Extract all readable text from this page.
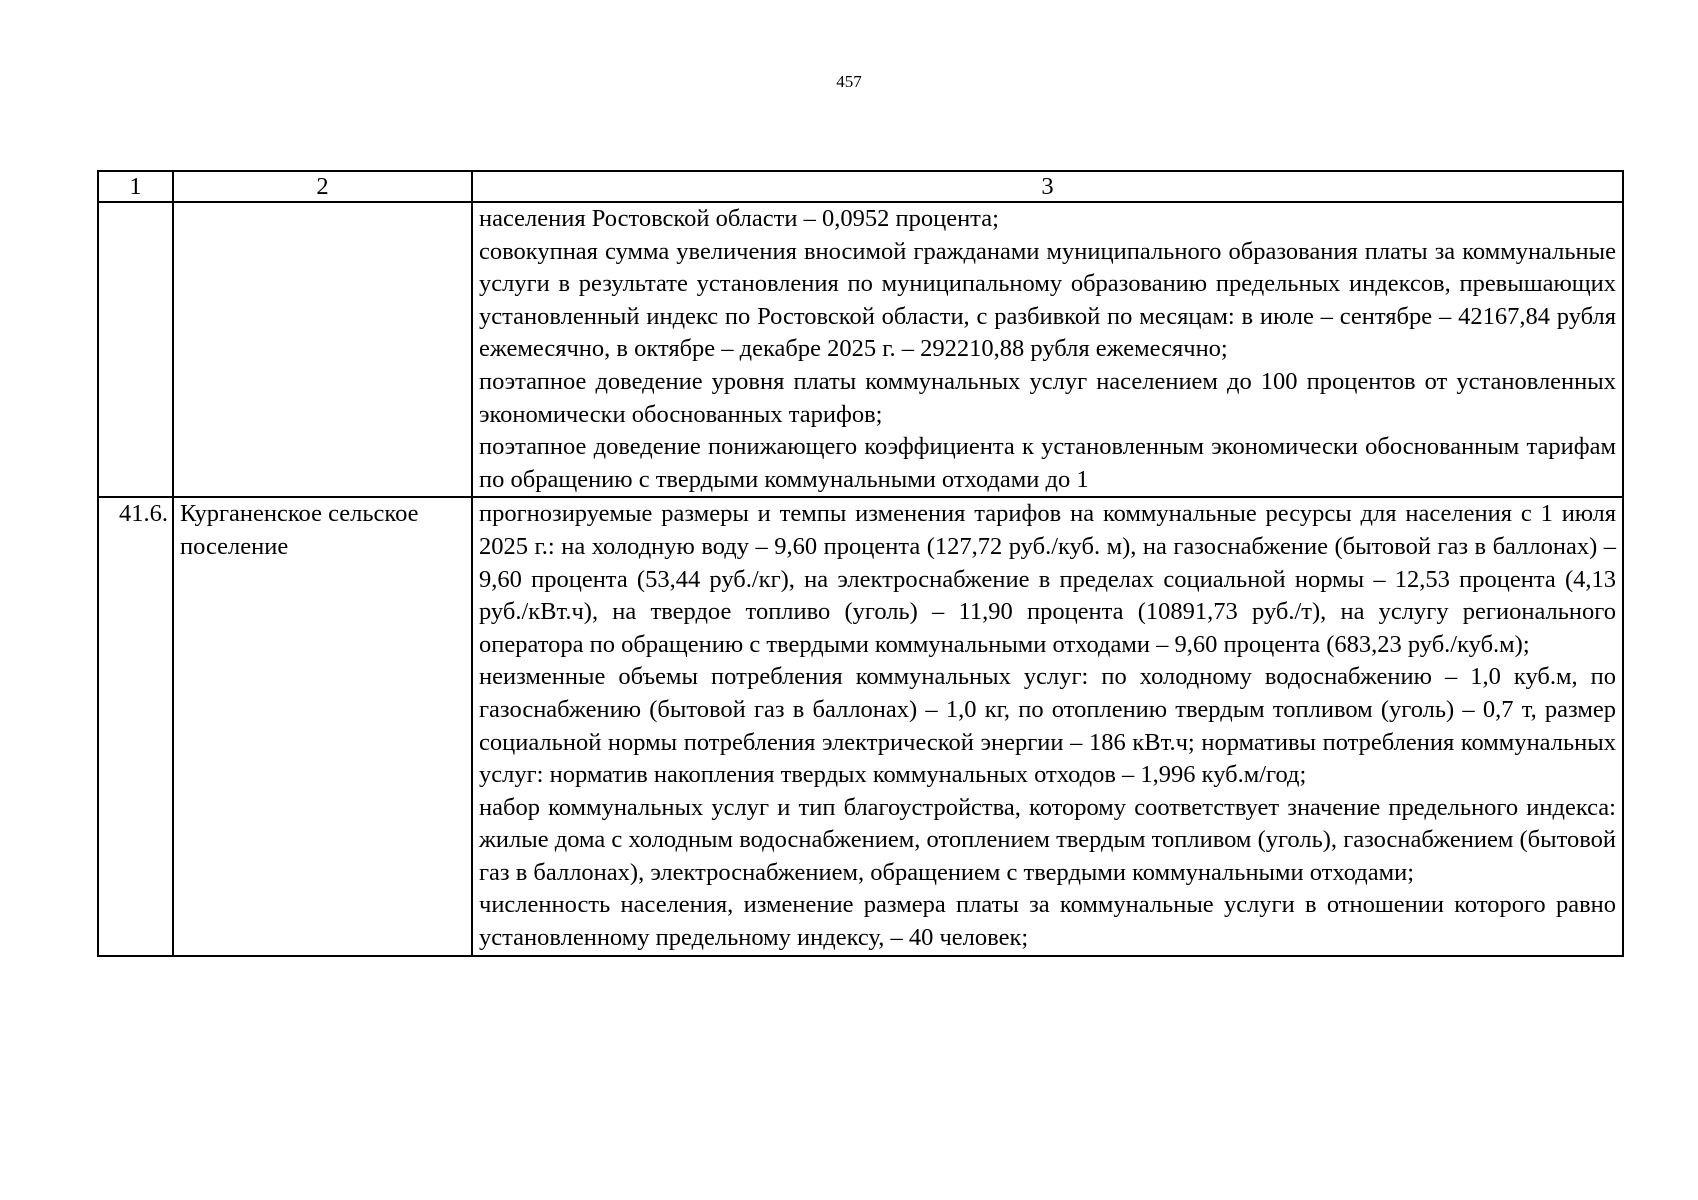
457
1	2	3

		населения Ростовской области – 0,0952 процента;

совокупная сумма увеличения вносимой гражданами муниципального образования платы за коммунальные услуги в результате установления по муниципальному образованию предельных индексов, превышающих установленный индекс по Ростовской области, с разбивкой по месяцам: в июле – сентябре – 42167,84 рубля ежемесячно, в октябре – декабре 2025 г. – 292210,88 рубля ежемесячно;

поэтапное доведение уровня платы коммунальных услуг населением до 100 процентов от установленных экономически обоснованных тарифов;

поэтапное доведение понижающего коэффициента к установленным экономически обоснованным тарифам по обращению с твердыми коммунальными отходами до 1

41.6.	Курганенское сельское поселение	прогнозируемые размеры и темпы изменения тарифов на коммунальные ресурсы для населения с 1 июля 2025 г.: на холодную воду – 9,60 процента (127,72 руб./куб. м), на газоснабжение (бытовой газ в баллонах) – 9,60 процента (53,44 руб./кг), на электроснабжение в пределах социальной нормы – 12,53 процента (4,13 руб./кВт.ч), на твердое топливо (уголь) – 11,90 процента (10891,73 руб./т), на услугу регионального оператора по обращению с твердыми коммунальными отходами – 9,60 процента (683,23 руб./куб.м);

неизменные объемы потребления коммунальных услуг: по холодному водоснабжению – 1,0 куб.м, по газоснабжению (бытовой газ в баллонах) – 1,0 кг, по отоплению твердым топливом (уголь) – 0,7 т, размер социальной нормы потребления электрической энергии – 186 кВт.ч; нормативы потребления коммунальных услуг: норматив накопления твердых коммунальных отходов – 1,996 куб.м/год;

набор коммунальных услуг и тип благоустройства, которому соответствует значение предельного индекса: жилые дома с холодным водоснабжением, отоплением твердым топливом (уголь), газоснабжением (бытовой газ в баллонах), электроснабжением, обращением с твердыми коммунальными отходами;

численность населения, изменение размера платы за коммунальные услуги в отношении которого равно установленному предельному индексу, – 40 человек;
